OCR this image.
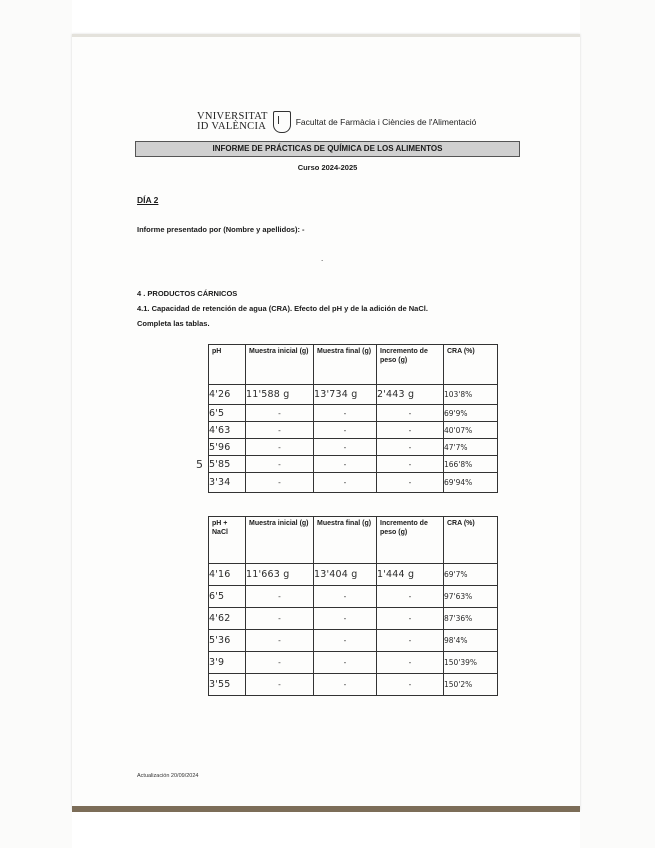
VNIVERSITAT
ID VALÈNCIA	Facultat de Farmàcia i Ciències de l'Alimentació
INFORME DE PRÁCTICAS DE QUÍMICA DE LOS ALIMENTOS
Curso 2024-2025
DÍA 2
Informe presentado por (Nombre y apellidos): -
.
4 . PRODUCTOS CÁRNICOS
4.1. Capacidad de retención de agua (CRA). Efecto del pH y de la adición de NaCl.
Completa las tablas.
pH	Muestra inicial (g)	Muestra final (g)	Incremento de peso (g)	CRA (%)
4'26	11'588 g	13'734 g	2'443 g	103'8%
6'5	-	-	-	69'9%
4'63	-	-	-	40'07%
5'96	-	-	-	47'7%
5'85	-	-	-	166'8%
3'34	-	-	-	69'94%
5
pH + NaCl	Muestra inicial (g)	Muestra final (g)	Incremento de peso (g)	CRA (%)
4'16	11'663 g	13'404 g	1'444 g	69'7%
6'5	-	-	-	97'63%
4'62	-	-	-	87'36%
5'36	-	-	-	98'4%
3'9	-	-	-	150'39%
3'55	-	-	-	150'2%
Actualización 20/09/2024
